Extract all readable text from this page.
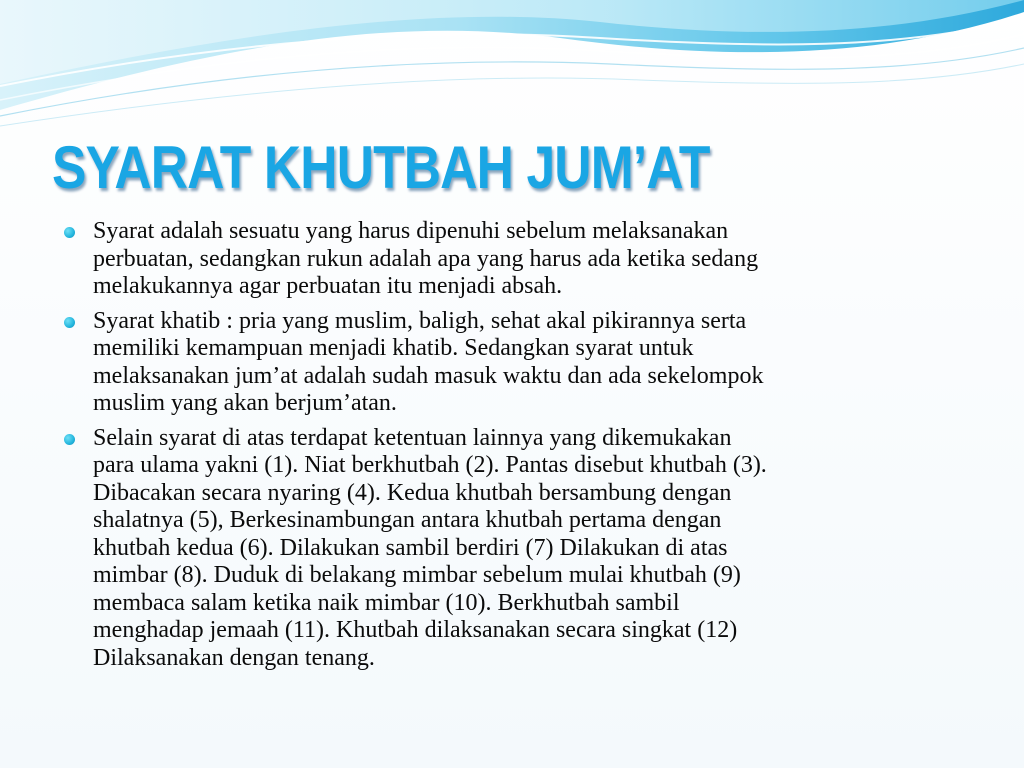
SYARAT KHUTBAH JUM’AT
Syarat adalah sesuatu yang harus dipenuhi sebelum melaksanakan
perbuatan, sedangkan rukun adalah apa yang harus ada ketika sedang
melakukannya agar perbuatan itu menjadi absah.
Syarat khatib : pria yang muslim, baligh, sehat akal pikirannya serta
memiliki kemampuan menjadi khatib. Sedangkan syarat untuk
melaksanakan jum’at adalah sudah masuk waktu dan ada sekelompok
muslim yang akan berjum’atan.
Selain syarat di atas terdapat ketentuan lainnya yang dikemukakan
para ulama yakni (1). Niat berkhutbah (2). Pantas disebut khutbah (3).
Dibacakan secara nyaring (4). Kedua khutbah bersambung dengan
shalatnya (5), Berkesinambungan antara khutbah pertama dengan
khutbah kedua (6). Dilakukan sambil berdiri (7) Dilakukan di atas
mimbar (8). Duduk di belakang mimbar sebelum mulai khutbah (9)
membaca salam ketika naik mimbar (10). Berkhutbah sambil
menghadap jemaah (11). Khutbah dilaksanakan secara singkat (12)
Dilaksanakan dengan tenang.
